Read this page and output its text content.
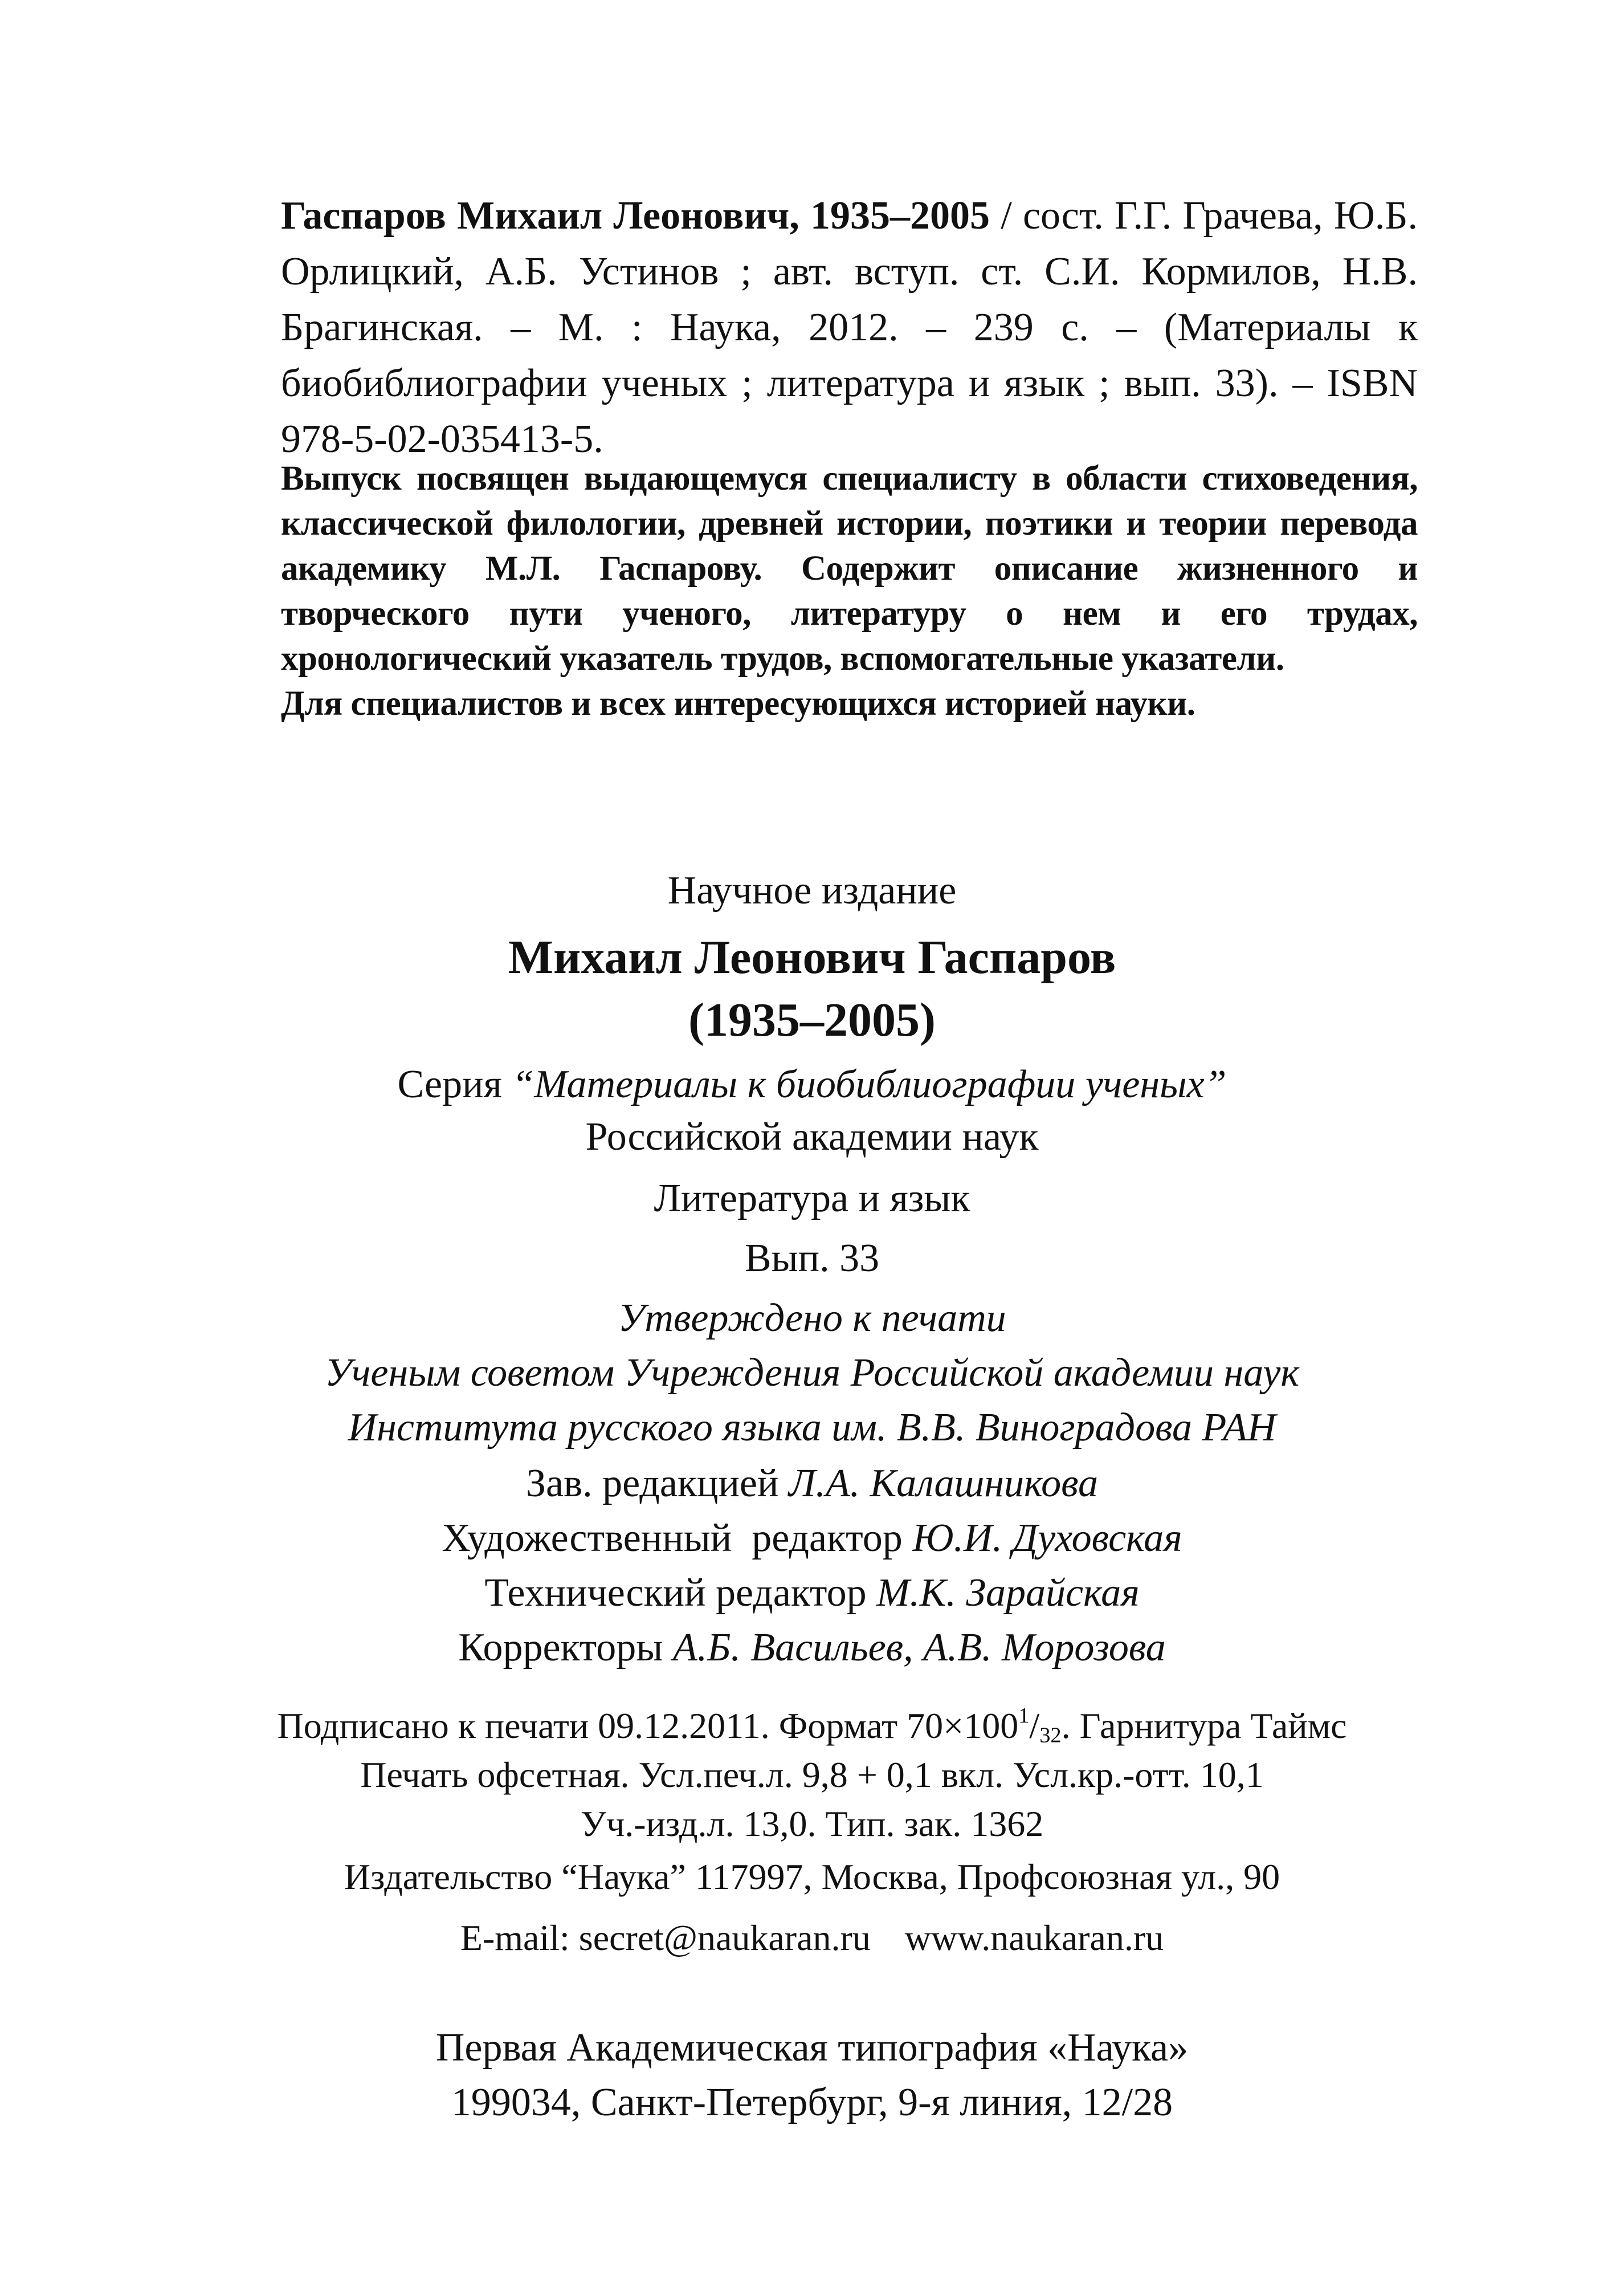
Гаспаров Михаил Леонович, 1935–2005 / сост. Г.Г. Грачева, Ю.Б. Орлицкий, А.Б. Устинов ; авт. вступ. ст. С.И. Кормилов, Н.В. Брагинская. – М. : Наука, 2012. – 239 с. – (Материалы к биобиблиографии ученых ; литература и язык ; вып. 33). – ISBN 978-5-02-035413-5.

Выпуск посвящен выдающемуся специалисту в области стиховедения, классической филологии, древней истории, поэтики и теории перевода академику М.Л. Гаспарову. Содержит описание жизненного и творческого пути ученого, литературу о нем и его трудах, хронологический указатель трудов, вспомогательные указатели.

Для специалистов и всех интересующихся историей науки.

Научное издание
Михаил Леонович Гаспаров
(1935–2005)
Серия “Материалы к биобиблиографии ученых”
Российской академии наук
Литература и язык
Вып. 33
Утверждено к печати
Ученым советом Учреждения Российской академии наук
Института русского языка им. В.В. Виноградова РАН
Зав. редакцией Л.А. Калашникова
Художественный  редактор Ю.И. Духовская
Технический редактор М.К. Зарайская
Корректоры А.Б. Васильев, А.В. Морозова
Подписано к печати 09.12.2011. Формат $70\times 100^1/_{32}$. Гарнитура Таймс
Печать офсетная. Усл.печ.л. 9,8 + 0,1 вкл. Усл.кр.-отт. 10,1
Уч.-изд.л. 13,0. Тип. зак. 1362
Издательство “Наука” 117997, Москва, Профсоюзная ул., 90
E-mail: secret@naukaran.ru www.naukaran.ru
Первая Академическая типография «Наука»
199034, Санкт-Петербург, 9-я линия, 12/28
